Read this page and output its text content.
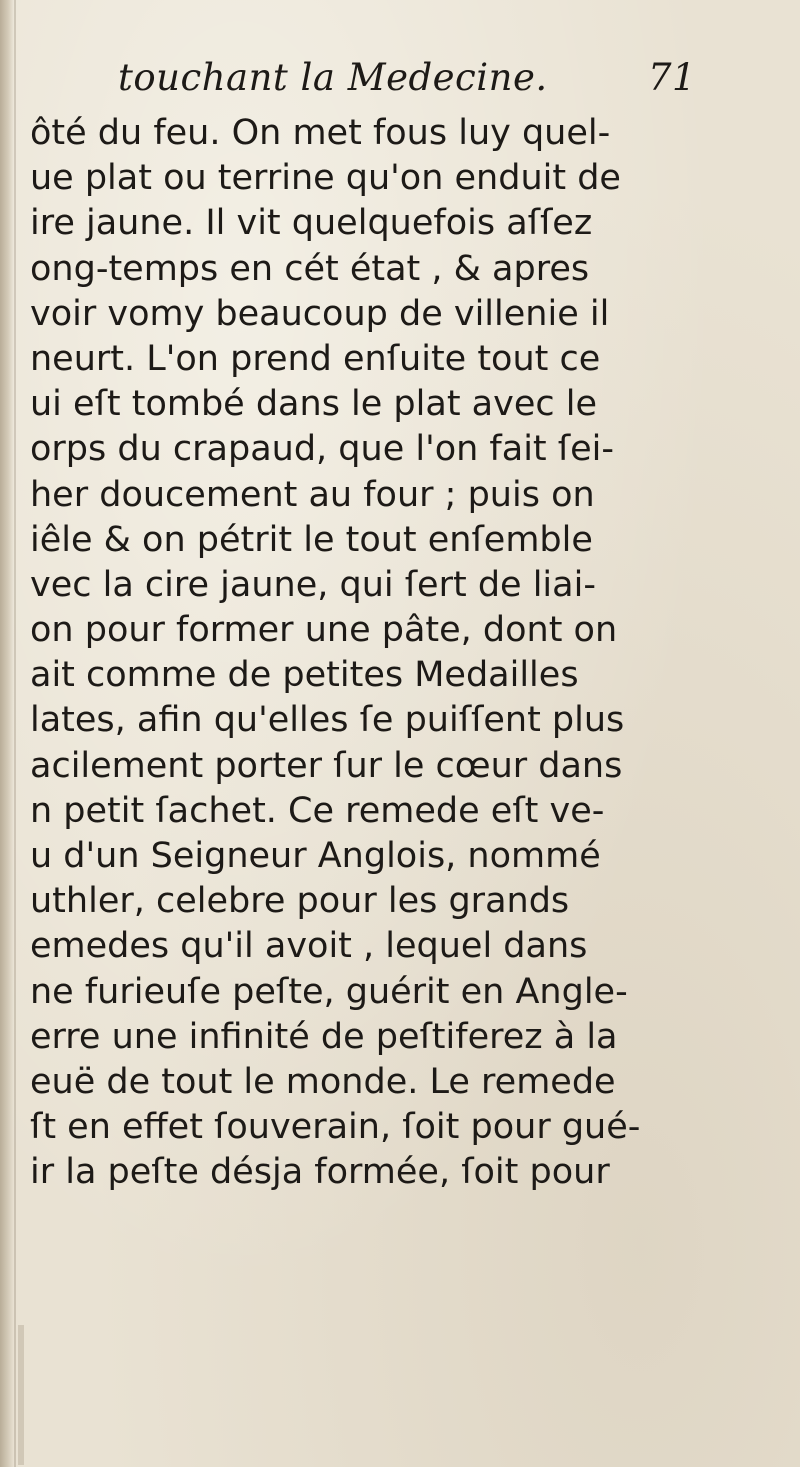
touchant la Medecine.	71
ôté du feu. On met fous luy quel-
ue plat ou terrine qu'on enduit de
ire jaune. Il vit quelquefois aſſez
ong-temps en cét état , & apres
voir vomy beaucoup de villenie il
neurt. L'on prend enſuite tout ce
ui eſt tombé dans le plat avec le
orps du crapaud, que l'on fait ſei-
her doucement au four ; puis on
iêle & on pétrit le tout enſemble
vec la cire jaune, qui ſert de liai-
on pour former une pâte, dont on
ait comme de petites Medailles
lates, afin qu'elles ſe puiſſent plus
acilement porter ſur le cœur dans
n petit ſachet. Ce remede eſt ve-
u d'un Seigneur Anglois, nommé
uthler, celebre pour les grands
emedes qu'il avoit , lequel dans
ne furieuſe peſte, guérit en Angle-
erre une infinité de peſtiferez à la
euë de tout le monde. Le remede
ſt en effet ſouverain, ſoit pour gué-
ir la peſte désja formée, ſoit pour
